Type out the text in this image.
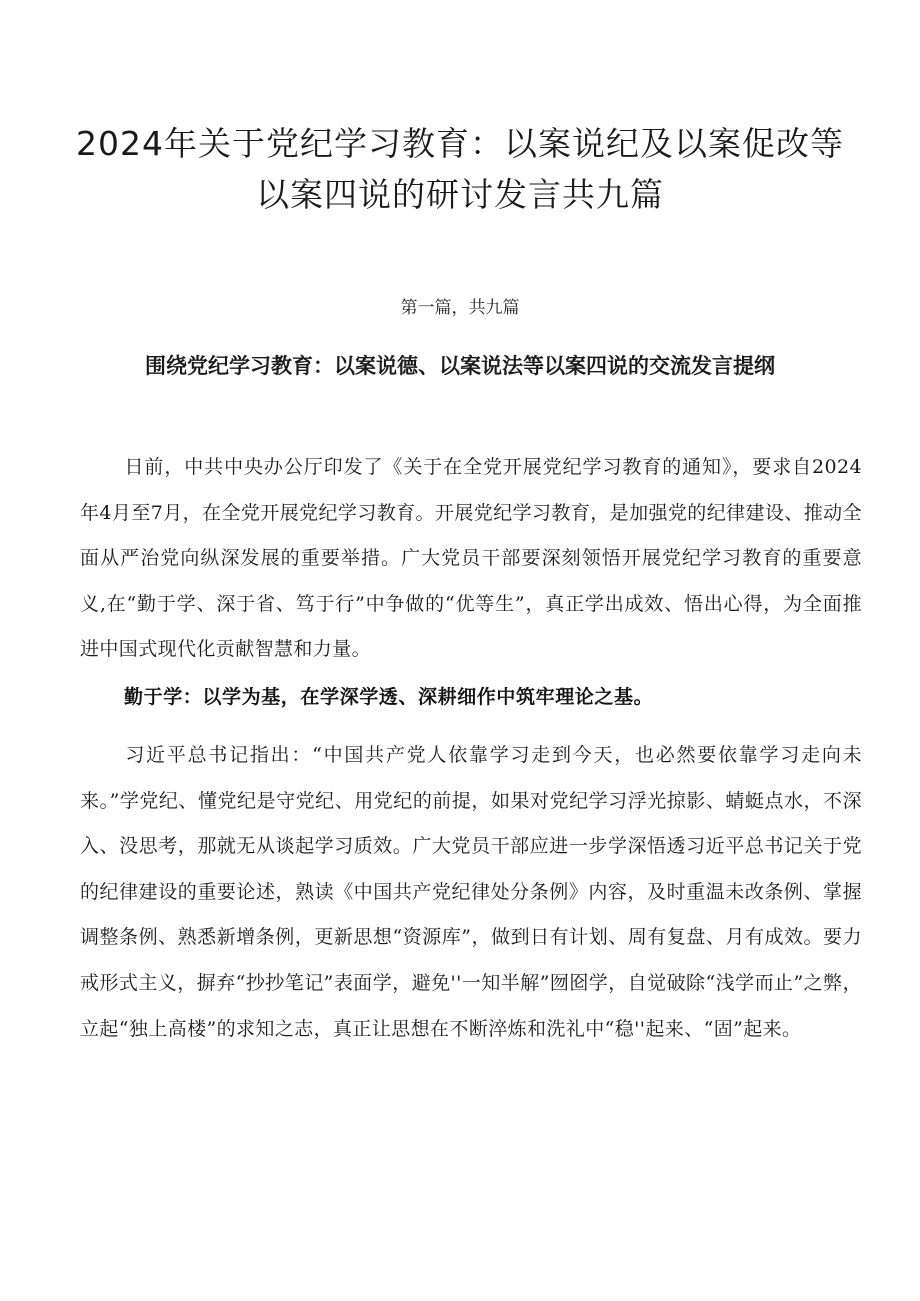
2024年关于党纪学习教育：以案说纪及以案促改等以案四说的研讨发言共九篇
第一篇，共九篇
围绕党纪学习教育：以案说德、以案说法等以案四说的交流发言提纲

日前，中共中央办公厅印发了《关于在全党开展党纪学习教育的通知》，要求自2024年4月至7月，在全党开展党纪学习教育。开展党纪学习教育，是加强党的纪律建设、推动全面从严治党向纵深发展的重要举措。广大党员干部要深刻领悟开展党纪学习教育的重要意义,在“勤于学、深于省、笃于行”中争做的“优等生”，真正学出成效、悟出心得，为全面推进中国式现代化贡献智慧和力量。

勤于学：以学为基，在学深学透、深耕细作中筑牢理论之基。

习近平总书记指出：“中国共产党人依靠学习走到今天，也必然要依靠学习走向未来。”学党纪、懂党纪是守党纪、用党纪的前提，如果对党纪学习浮光掠影、蜻蜓点水，不深入、没思考，那就无从谈起学习质效。广大党员干部应进一步学深悟透习近平总书记关于党的纪律建设的重要论述，熟读《中国共产党纪律处分条例》内容，及时重温未改条例、掌握调整条例、熟悉新增条例，更新思想“资源库”，做到日有计划、周有复盘、月有成效。要力戒形式主义，摒弃“抄抄笔记”表面学，避免''一知半解”囫囵学，自觉破除“浅学而止”之弊，立起“独上高楼”的求知之志，真正让思想在不断淬炼和洗礼中“稳''起来、“固”起来。
